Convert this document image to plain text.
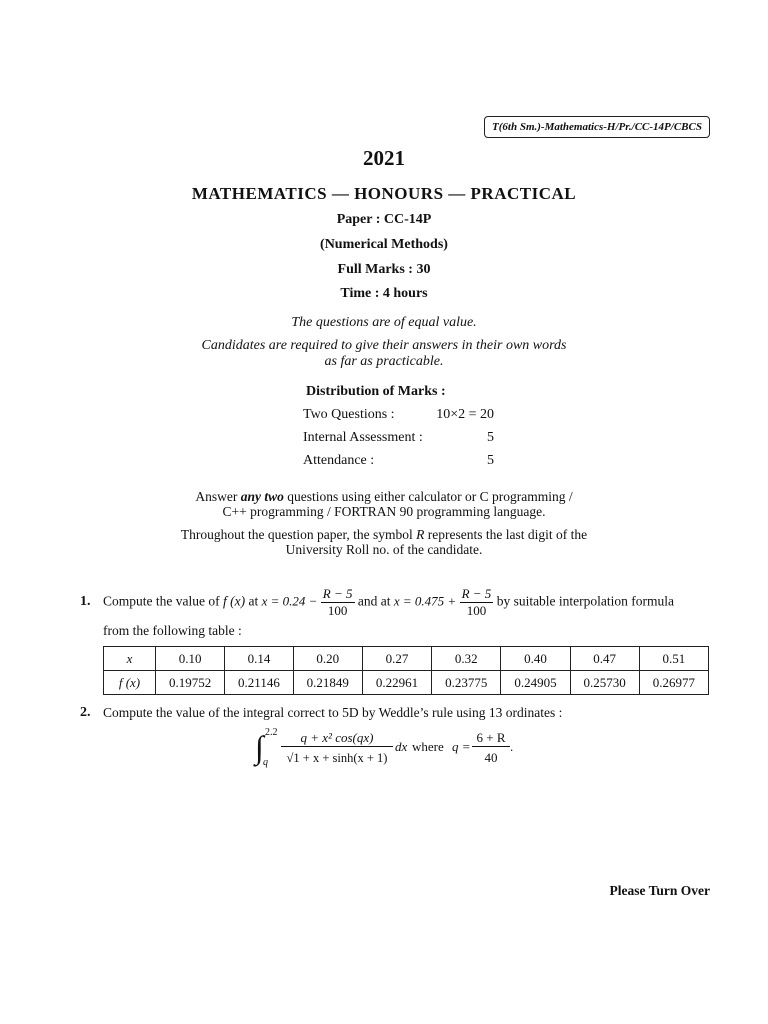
T(6th Sm.)-Mathematics-H/Pr./CC-14P/CBCS
2021
MATHEMATICS — HONOURS — PRACTICAL
Paper : CC-14P
(Numerical Methods)
Full Marks : 30
Time : 4 hours
The questions are of equal value.
Candidates are required to give their answers in their own words
as far as practicable.
Distribution of Marks :
Two Questions :	10×2 = 20
Internal Assessment :	5
Attendance :	5
Answer any two questions using either calculator or C programming /
C++ programming / FORTRAN 90 programming language.
Throughout the question paper, the symbol R represents the last digit of the
University Roll no. of the candidate.
1. Compute the value of f (x) at $x = 0.24 - \frac{R - 5}{100}$ and at $x = 0.475 + \frac{R - 5}{100}$ by suitable interpolation formula
from the following table :
x	0.10	0.14	0.20	0.27	0.32	0.40	0.47	0.51
f (x)	0.19752	0.21146	0.21849	0.22961	0.23775	0.24905	0.25730	0.26977
2. Compute the value of the integral correct to 5D by Weddle’s rule using 13 ordinates :
∫ 2.2
q
q + x² cos(qx)
√1 + x + sinh(x + 1)
dx where q =
6 + R
40
.
Please Turn Over
